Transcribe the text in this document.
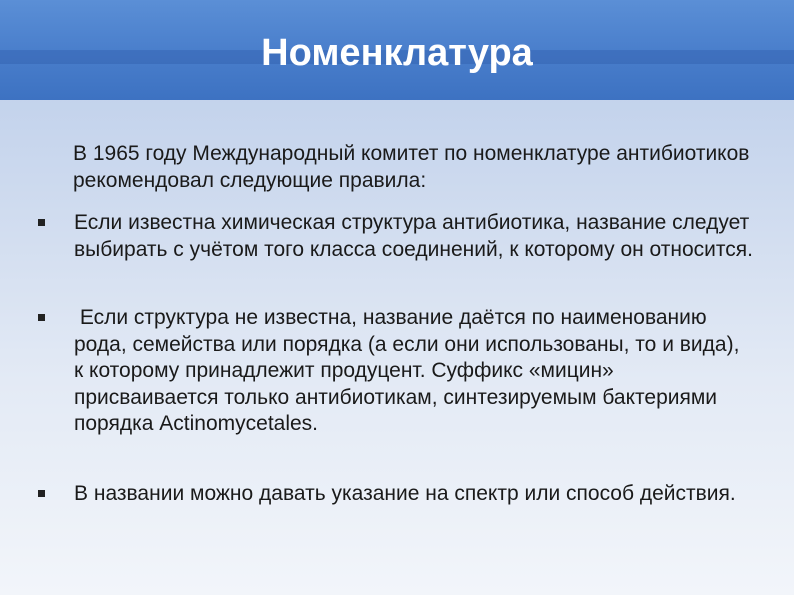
Номенклатура
В 1965 году Международный комитет по номенклатуре антибиотиков рекомендовал следующие правила:
Если известна химическая структура антибиотика, название следует выбирать с учётом того класса соединений, к которому он относится.
Если структура не известна, название даётся по наименованию рода, семейства или порядка (а если они использованы, то и вида), к которому принадлежит продуцент. Суффикс «мицин» присваивается только антибиотикам, синтезируемым бактериями порядка Actinomycetales.
В названии можно давать указание на спектр или способ действия.
